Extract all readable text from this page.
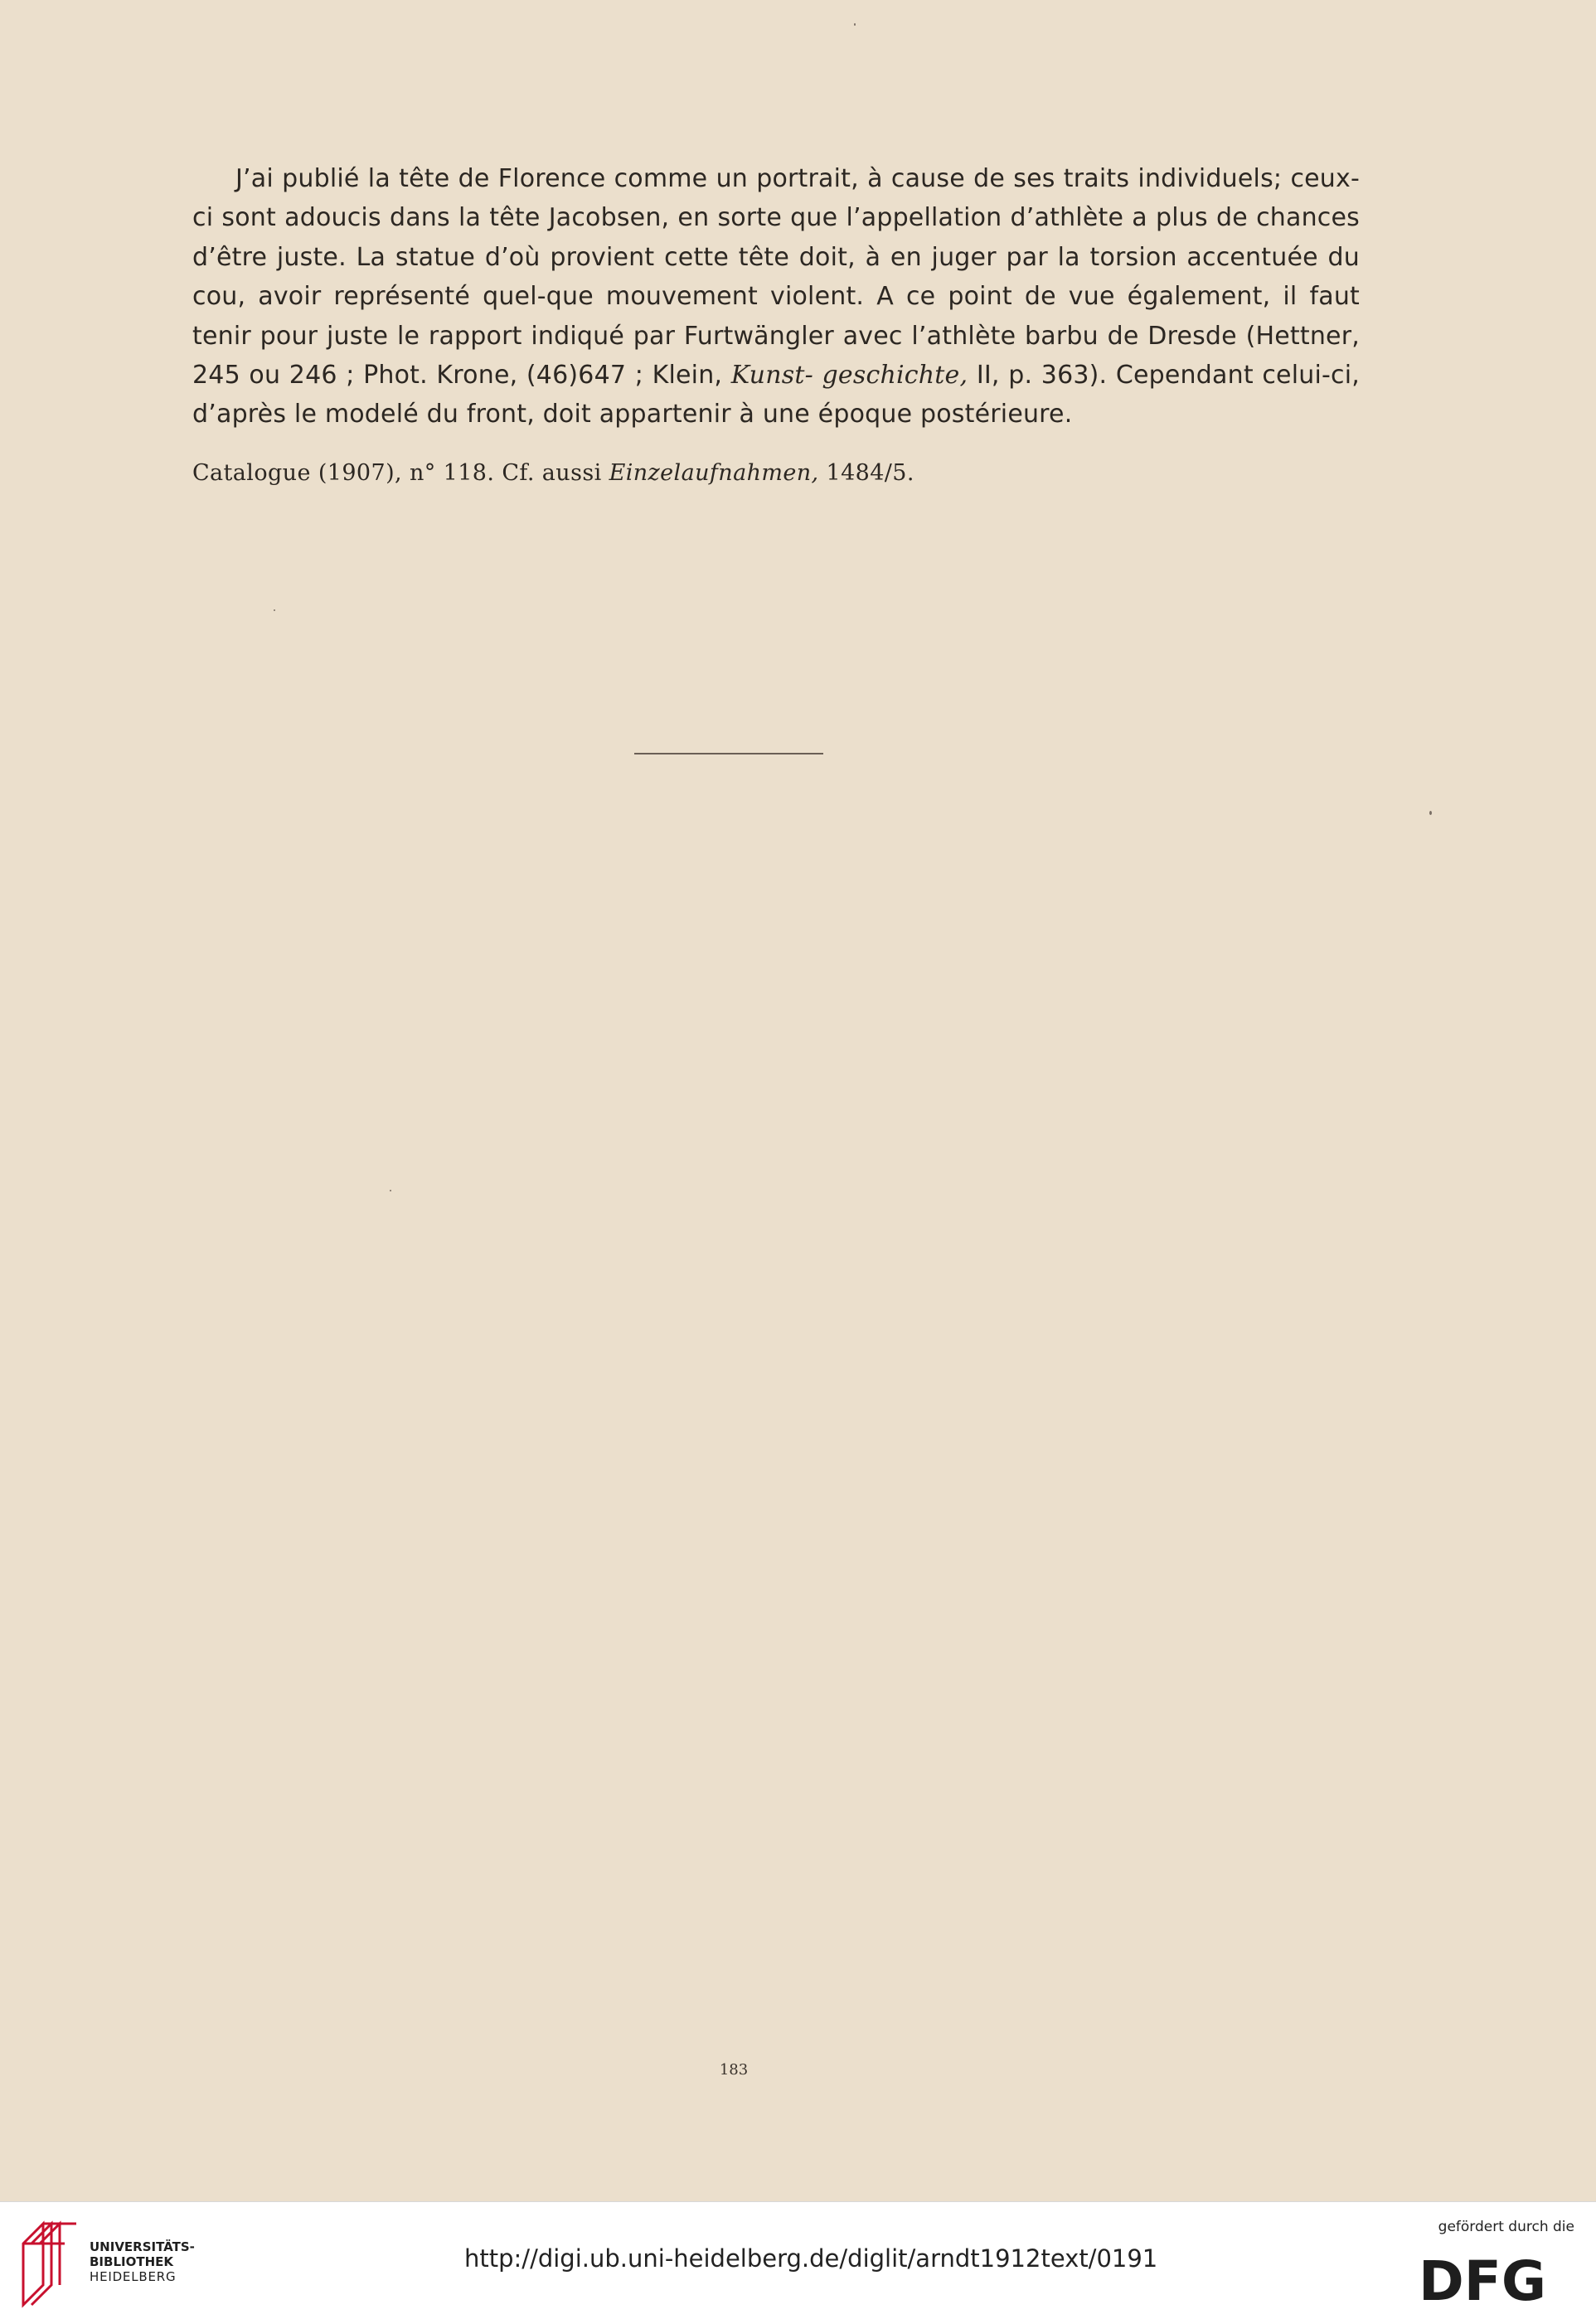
J’ai publié la tête de Florence comme un portrait, à cause de ses traits individuels; ceux-ci sont adoucis dans la tête Jacobsen, en sorte que l’appellation d’athlète a plus de chances d’être juste. La statue d’où provient cette tête doit, à en juger par la torsion accentuée du cou, avoir représenté quel-que mouvement violent. A ce point de vue également, il faut tenir pour juste le rapport indiqué par Furtwängler avec l’athlète barbu de Dresde (Hettner, 245 ou 246 ; Phot. Krone, (46)647 ; Klein, Kunst- geschichte, II, p. 363). Cependant celui-ci, d’après le modelé du front, doit appartenir à une époque postérieure.

Catalogue (1907), n° 118. Cf. aussi Einzelaufnahmen, 1484/5.
183
UNIVERSITÄTS-
BIBLIOTHEK
HEIDELBERG
http://digi.ub.uni-heidelberg.de/diglit/arndt1912text/0191
gefördert durch die
DFG
